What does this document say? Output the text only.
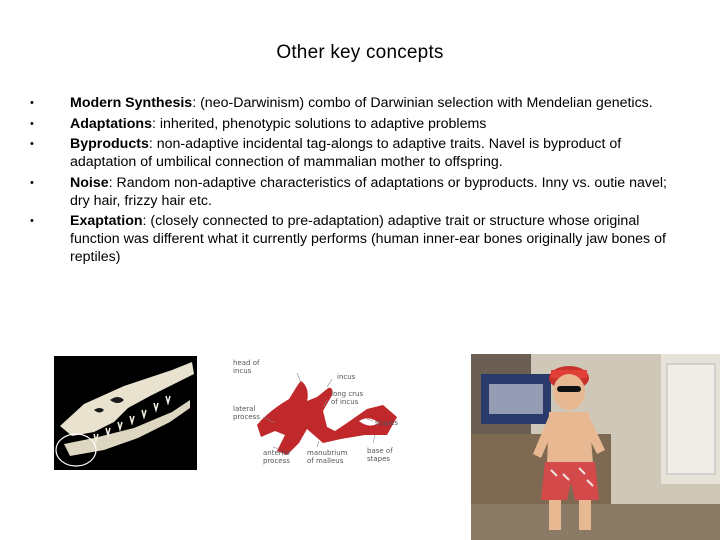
Other key concepts
•	Modern Synthesis: (neo-Darwinism) combo of Darwinian selection with Mendelian genetics.
•	Adaptations: inherited, phenotypic solutions to adaptive problems
•	Byproducts: non-adaptive incidental tag-alongs to adaptive traits. Navel is byproduct of adaptation of umbilical connection of mammalian mother to offspring.
•	Noise: Random non-adaptive characteristics of adaptations or byproducts. Inny vs. outie navel; dry hair, frizzy hair etc.
•	Exaptation: (closely connected to pre-adaptation) adaptive trait or structure whose original function was different what it currently performs (human inner-ear bones originally jaw bones of reptiles)
head of
incus
incus
long crus
of incus
lateral
process
stapes
anterior
process
manubrium
of malleus
base of
stapes
